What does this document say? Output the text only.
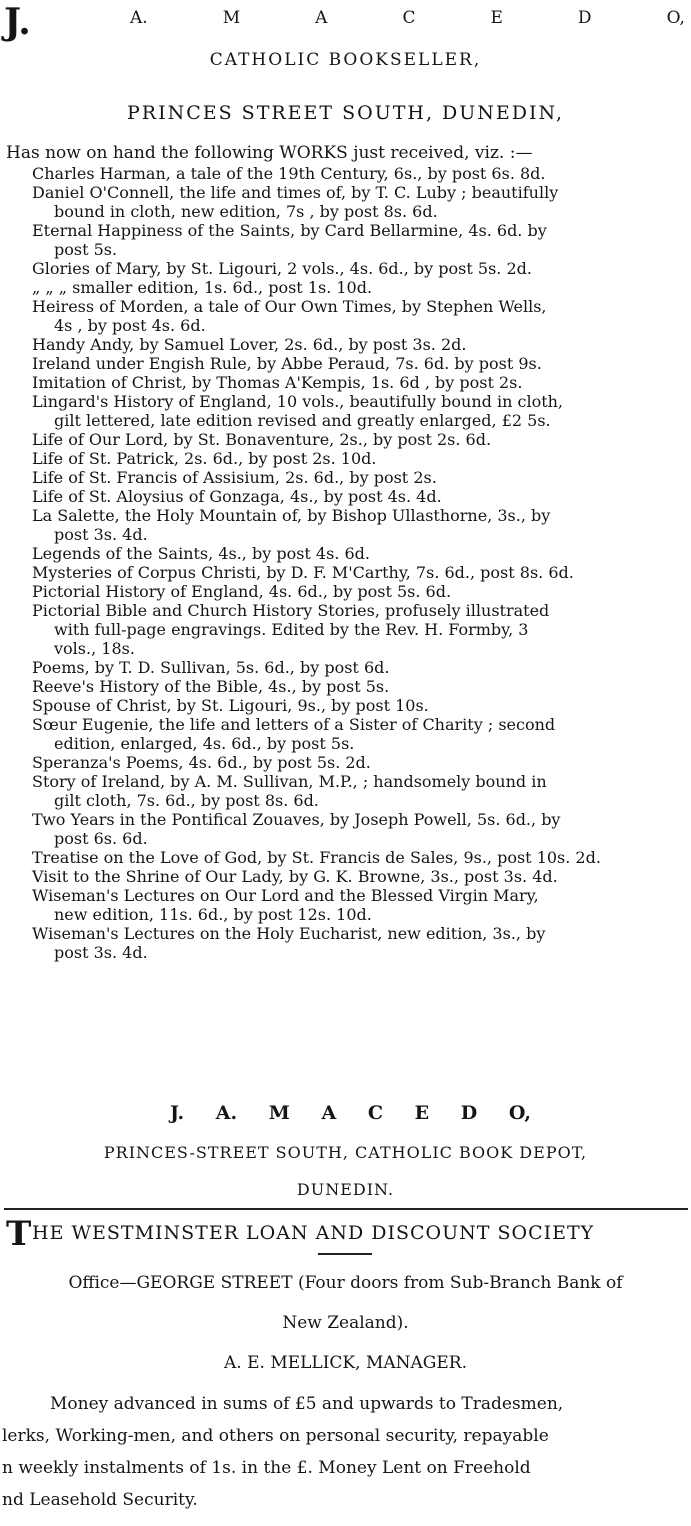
J.	A.	M	A	C	E	D	O,
CATHOLIC BOOKSELLER,
PRINCES STREET SOUTH, DUNEDIN,
Has now on hand the following WORKS just received, viz. :—
Charles Harman, a tale of the 19th Century, 6s., by post 6s. 8d.
Daniel O'Connell, the life and times of, by T. C. Luby ; beautifully
bound in cloth, new edition, 7s , by post 8s. 6d.
Eternal Happiness of the Saints, by Card Bellarmine, 4s. 6d. by
post 5s.
Glories of Mary, by St. Ligouri, 2 vols., 4s. 6d., by post 5s. 2d.
„ „ „ smaller edition, 1s. 6d., post 1s. 10d.
Heiress of Morden, a tale of Our Own Times, by Stephen Wells,
4s , by post 4s. 6d.
Handy Andy, by Samuel Lover, 2s. 6d., by post 3s. 2d.
Ireland under Engish Rule, by Abbe Peraud, 7s. 6d. by post 9s.
Imitation of Christ, by Thomas A'Kempis, 1s. 6d , by post 2s.
Lingard's History of England, 10 vols., beautifully bound in cloth,
gilt lettered, late edition revised and greatly enlarged, £2 5s.
Life of Our Lord, by St. Bonaventure, 2s., by post 2s. 6d.
Life of St. Patrick, 2s. 6d., by post 2s. 10d.
Life of St. Francis of Assisium, 2s. 6d., by post 2s.
Life of St. Aloysius of Gonzaga, 4s., by post 4s. 4d.
La Salette, the Holy Mountain of, by Bishop Ullasthorne, 3s., by
post 3s. 4d.
Legends of the Saints, 4s., by post 4s. 6d.
Mysteries of Corpus Christi, by D. F. M'Carthy, 7s. 6d., post 8s. 6d.
Pictorial History of England, 4s. 6d., by post 5s. 6d.
Pictorial Bible and Church History Stories, profusely illustrated
with full-page engravings. Edited by the Rev. H. Formby, 3
vols., 18s.
Poems, by T. D. Sullivan, 5s. 6d., by post 6d.
Reeve's History of the Bible, 4s., by post 5s.
Spouse of Christ, by St. Ligouri, 9s., by post 10s.
Sœur Eugenie, the life and letters of a Sister of Charity ; second
edition, enlarged, 4s. 6d., by post 5s.
Speranza's Poems, 4s. 6d., by post 5s. 2d.
Story of Ireland, by A. M. Sullivan, M.P., ; handsomely bound in
gilt cloth, 7s. 6d., by post 8s. 6d.
Two Years in the Pontifical Zouaves, by Joseph Powell, 5s. 6d., by
post 6s. 6d.
Treatise on the Love of God, by St. Francis de Sales, 9s., post 10s. 2d.
Visit to the Shrine of Our Lady, by G. K. Browne, 3s., post 3s. 4d.
Wiseman's Lectures on Our Lord and the Blessed Virgin Mary,
new edition, 11s. 6d., by post 12s. 10d.
Wiseman's Lectures on the Holy Eucharist, new edition, 3s., by
post 3s. 4d.
J. A. M A C E D O,
PRINCES-STREET SOUTH, CATHOLIC BOOK DEPOT,
DUNEDIN.
T HE WESTMINSTER LOAN AND DISCOUNT SOCIETY
Office—GEORGE STREET (Four doors from Sub-Branch Bank of
New Zealand).
A. E. MELLICK, MANAGER.

Money advanced in sums of £5 and upwards to Tradesmen,

lerks, Working-men, and others on personal security, repayable

n weekly instalments of 1s. in the £. Money Lent on Freehold

nd Leasehold Security.
